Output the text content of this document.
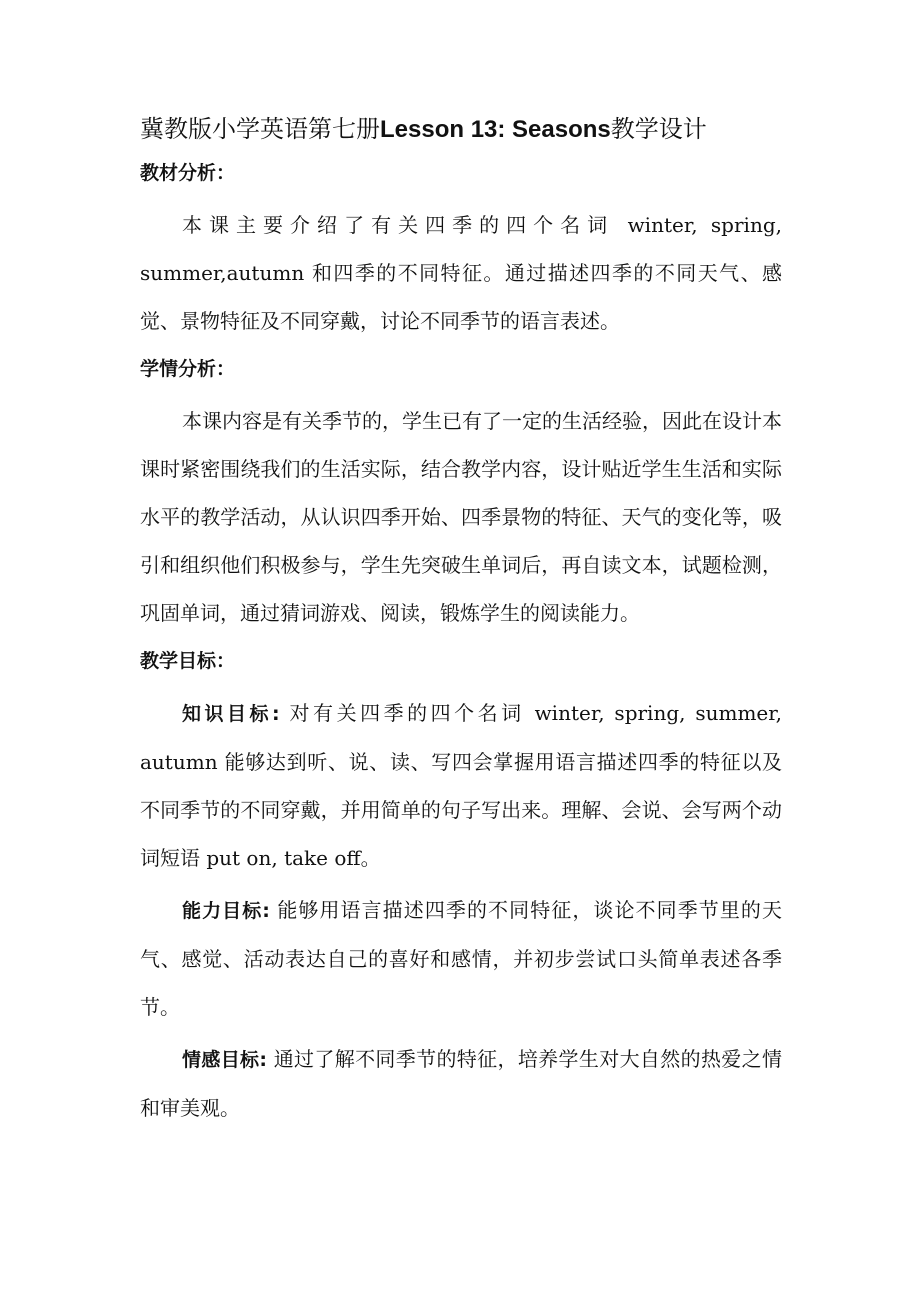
冀教版小学英语第七册Lesson 13: Seasons教学设计
教材分析：

本课主要介绍了有关四季的四个名词 winter, spring, summer,autumn 和四季的不同特征。通过描述四季的不同天气、感觉、景物特征及不同穿戴，讨论不同季节的语言表述。

学情分析：

本课内容是有关季节的，学生已有了一定的生活经验，因此在设计本课时紧密围绕我们的生活实际，结合教学内容，设计贴近学生生活和实际水平的教学活动，从认识四季开始、四季景物的特征、天气的变化等，吸引和组织他们积极参与，学生先突破生单词后，再自读文本，试题检测，巩固单词，通过猜词游戏、阅读，锻炼学生的阅读能力。

教学目标：

知识目标: 对有关四季的四个名词 winter, spring, summer, autumn 能够达到听、说、读、写四会掌握用语言描述四季的特征以及不同季节的不同穿戴，并用简单的句子写出来。理解、会说、会写两个动词短语 put on, take off。

能力目标: 能够用语言描述四季的不同特征，谈论不同季节里的天气、感觉、活动表达自己的喜好和感情，并初步尝试口头简单表述各季节。

情感目标: 通过了解不同季节的特征，培养学生对大自然的热爱之情和审美观。
